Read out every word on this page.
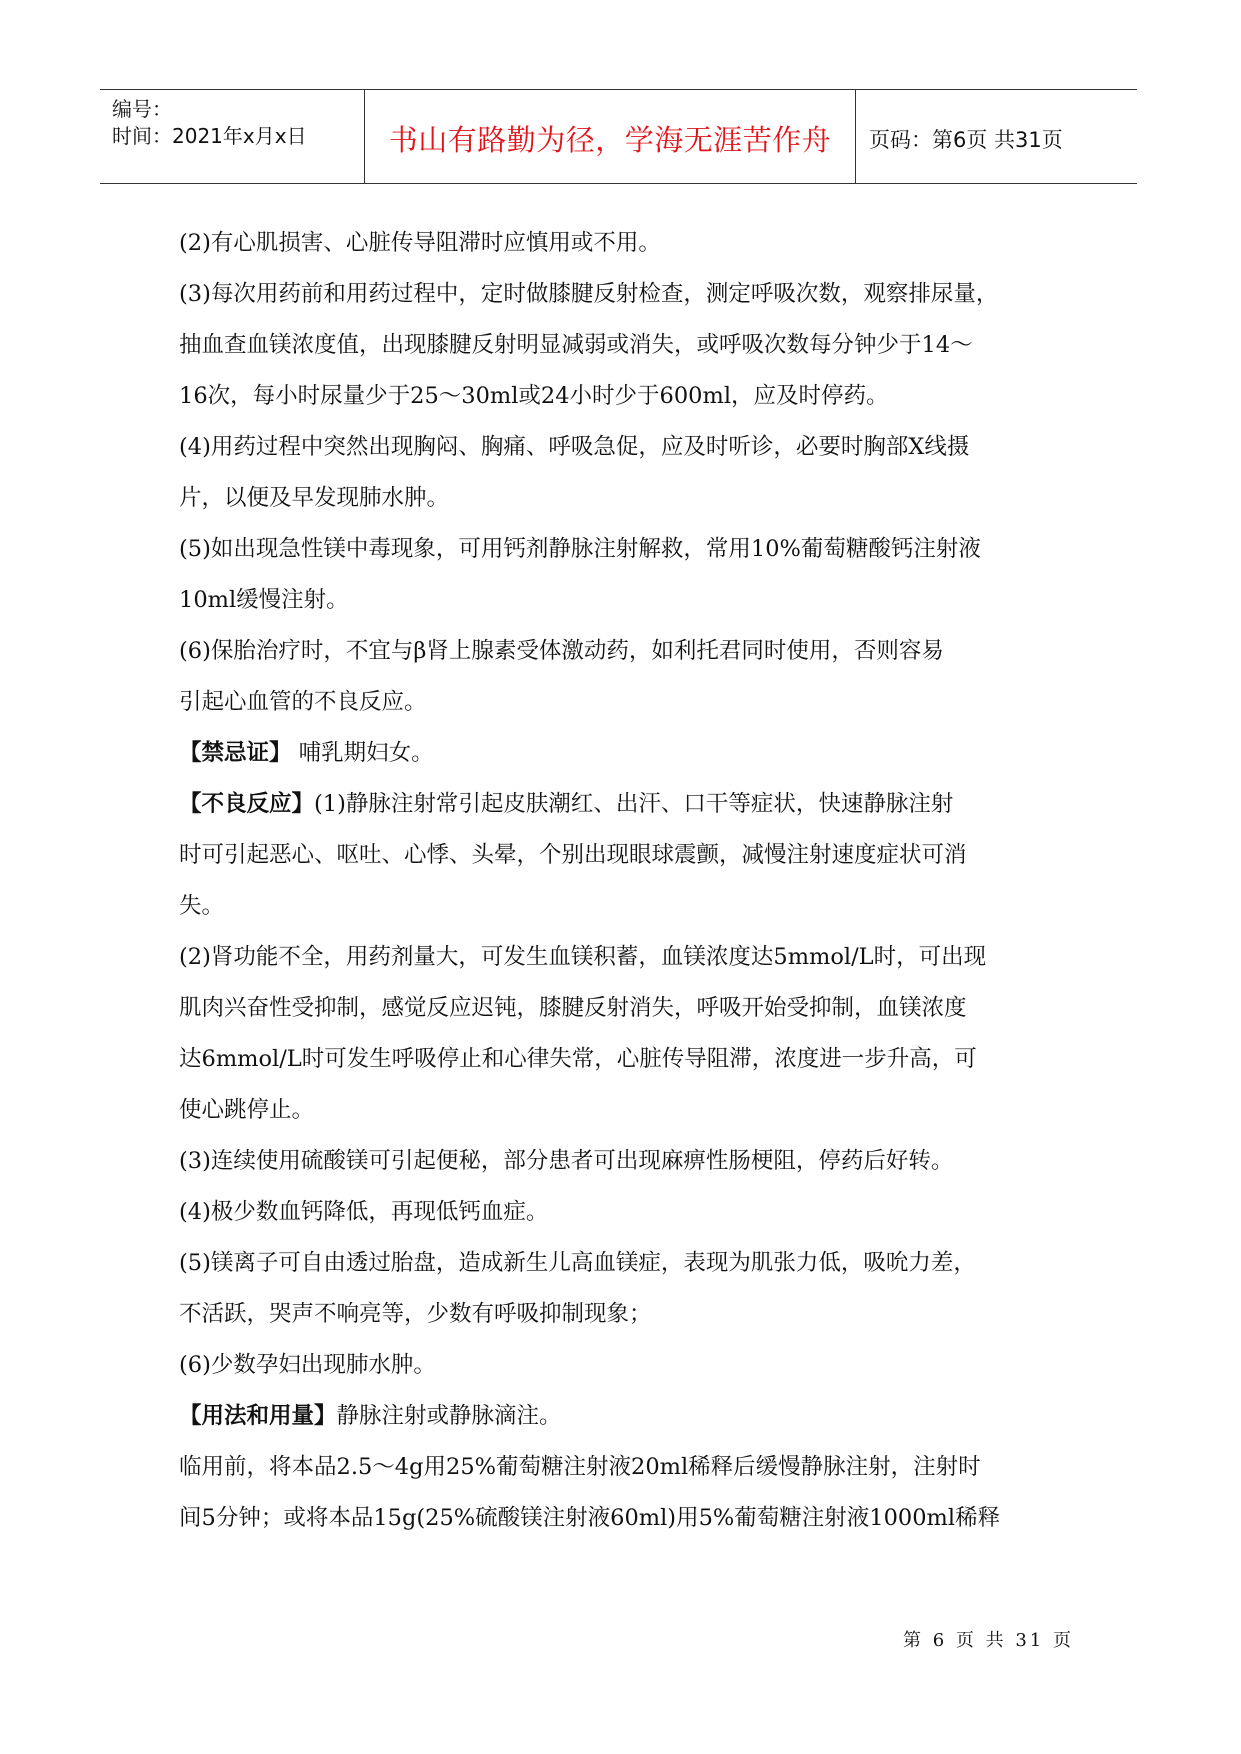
编号：
时间：2021年x月x日	书山有路勤为径，学海无涯苦作舟	页码：第6页 共31页
(2)有心肌损害、心脏传导阻滞时应慎用或不用。
(3)每次用药前和用药过程中，定时做膝腱反射检查，测定呼吸次数，观察排尿量，
抽血查血镁浓度值，出现膝腱反射明显减弱或消失，或呼吸次数每分钟少于14～
16次，每小时尿量少于25～30ml或24小时少于600ml，应及时停药。
(4)用药过程中突然出现胸闷、胸痛、呼吸急促，应及时听诊，必要时胸部X线摄
片，以便及早发现肺水肿。
(5)如出现急性镁中毒现象，可用钙剂静脉注射解救，常用10%葡萄糖酸钙注射液
10ml缓慢注射。
(6)保胎治疗时，不宜与β肾上腺素受体激动药，如利托君同时使用，否则容易
引起心血管的不良反应。
【禁忌证】 哺乳期妇女。
【不良反应】(1)静脉注射常引起皮肤潮红、出汗、口干等症状，快速静脉注射
时可引起恶心、呕吐、心悸、头晕，个别出现眼球震颤，减慢注射速度症状可消
失。
(2)肾功能不全，用药剂量大，可发生血镁积蓄，血镁浓度达5mmol/L时，可出现
肌肉兴奋性受抑制，感觉反应迟钝，膝腱反射消失，呼吸开始受抑制，血镁浓度
达6mmol/L时可发生呼吸停止和心律失常，心脏传导阻滞，浓度进一步升高，可
使心跳停止。
(3)连续使用硫酸镁可引起便秘，部分患者可出现麻痹性肠梗阻，停药后好转。
(4)极少数血钙降低，再现低钙血症。
(5)镁离子可自由透过胎盘，造成新生儿高血镁症，表现为肌张力低，吸吮力差，
不活跃，哭声不响亮等，少数有呼吸抑制现象；
(6)少数孕妇出现肺水肿。
【用法和用量】静脉注射或静脉滴注。
临用前，将本品2.5～4g用25%葡萄糖注射液20ml稀释后缓慢静脉注射，注射时
间5分钟；或将本品15g(25%硫酸镁注射液60ml)用5%葡萄糖注射液1000ml稀释
第 6 页 共 31 页
